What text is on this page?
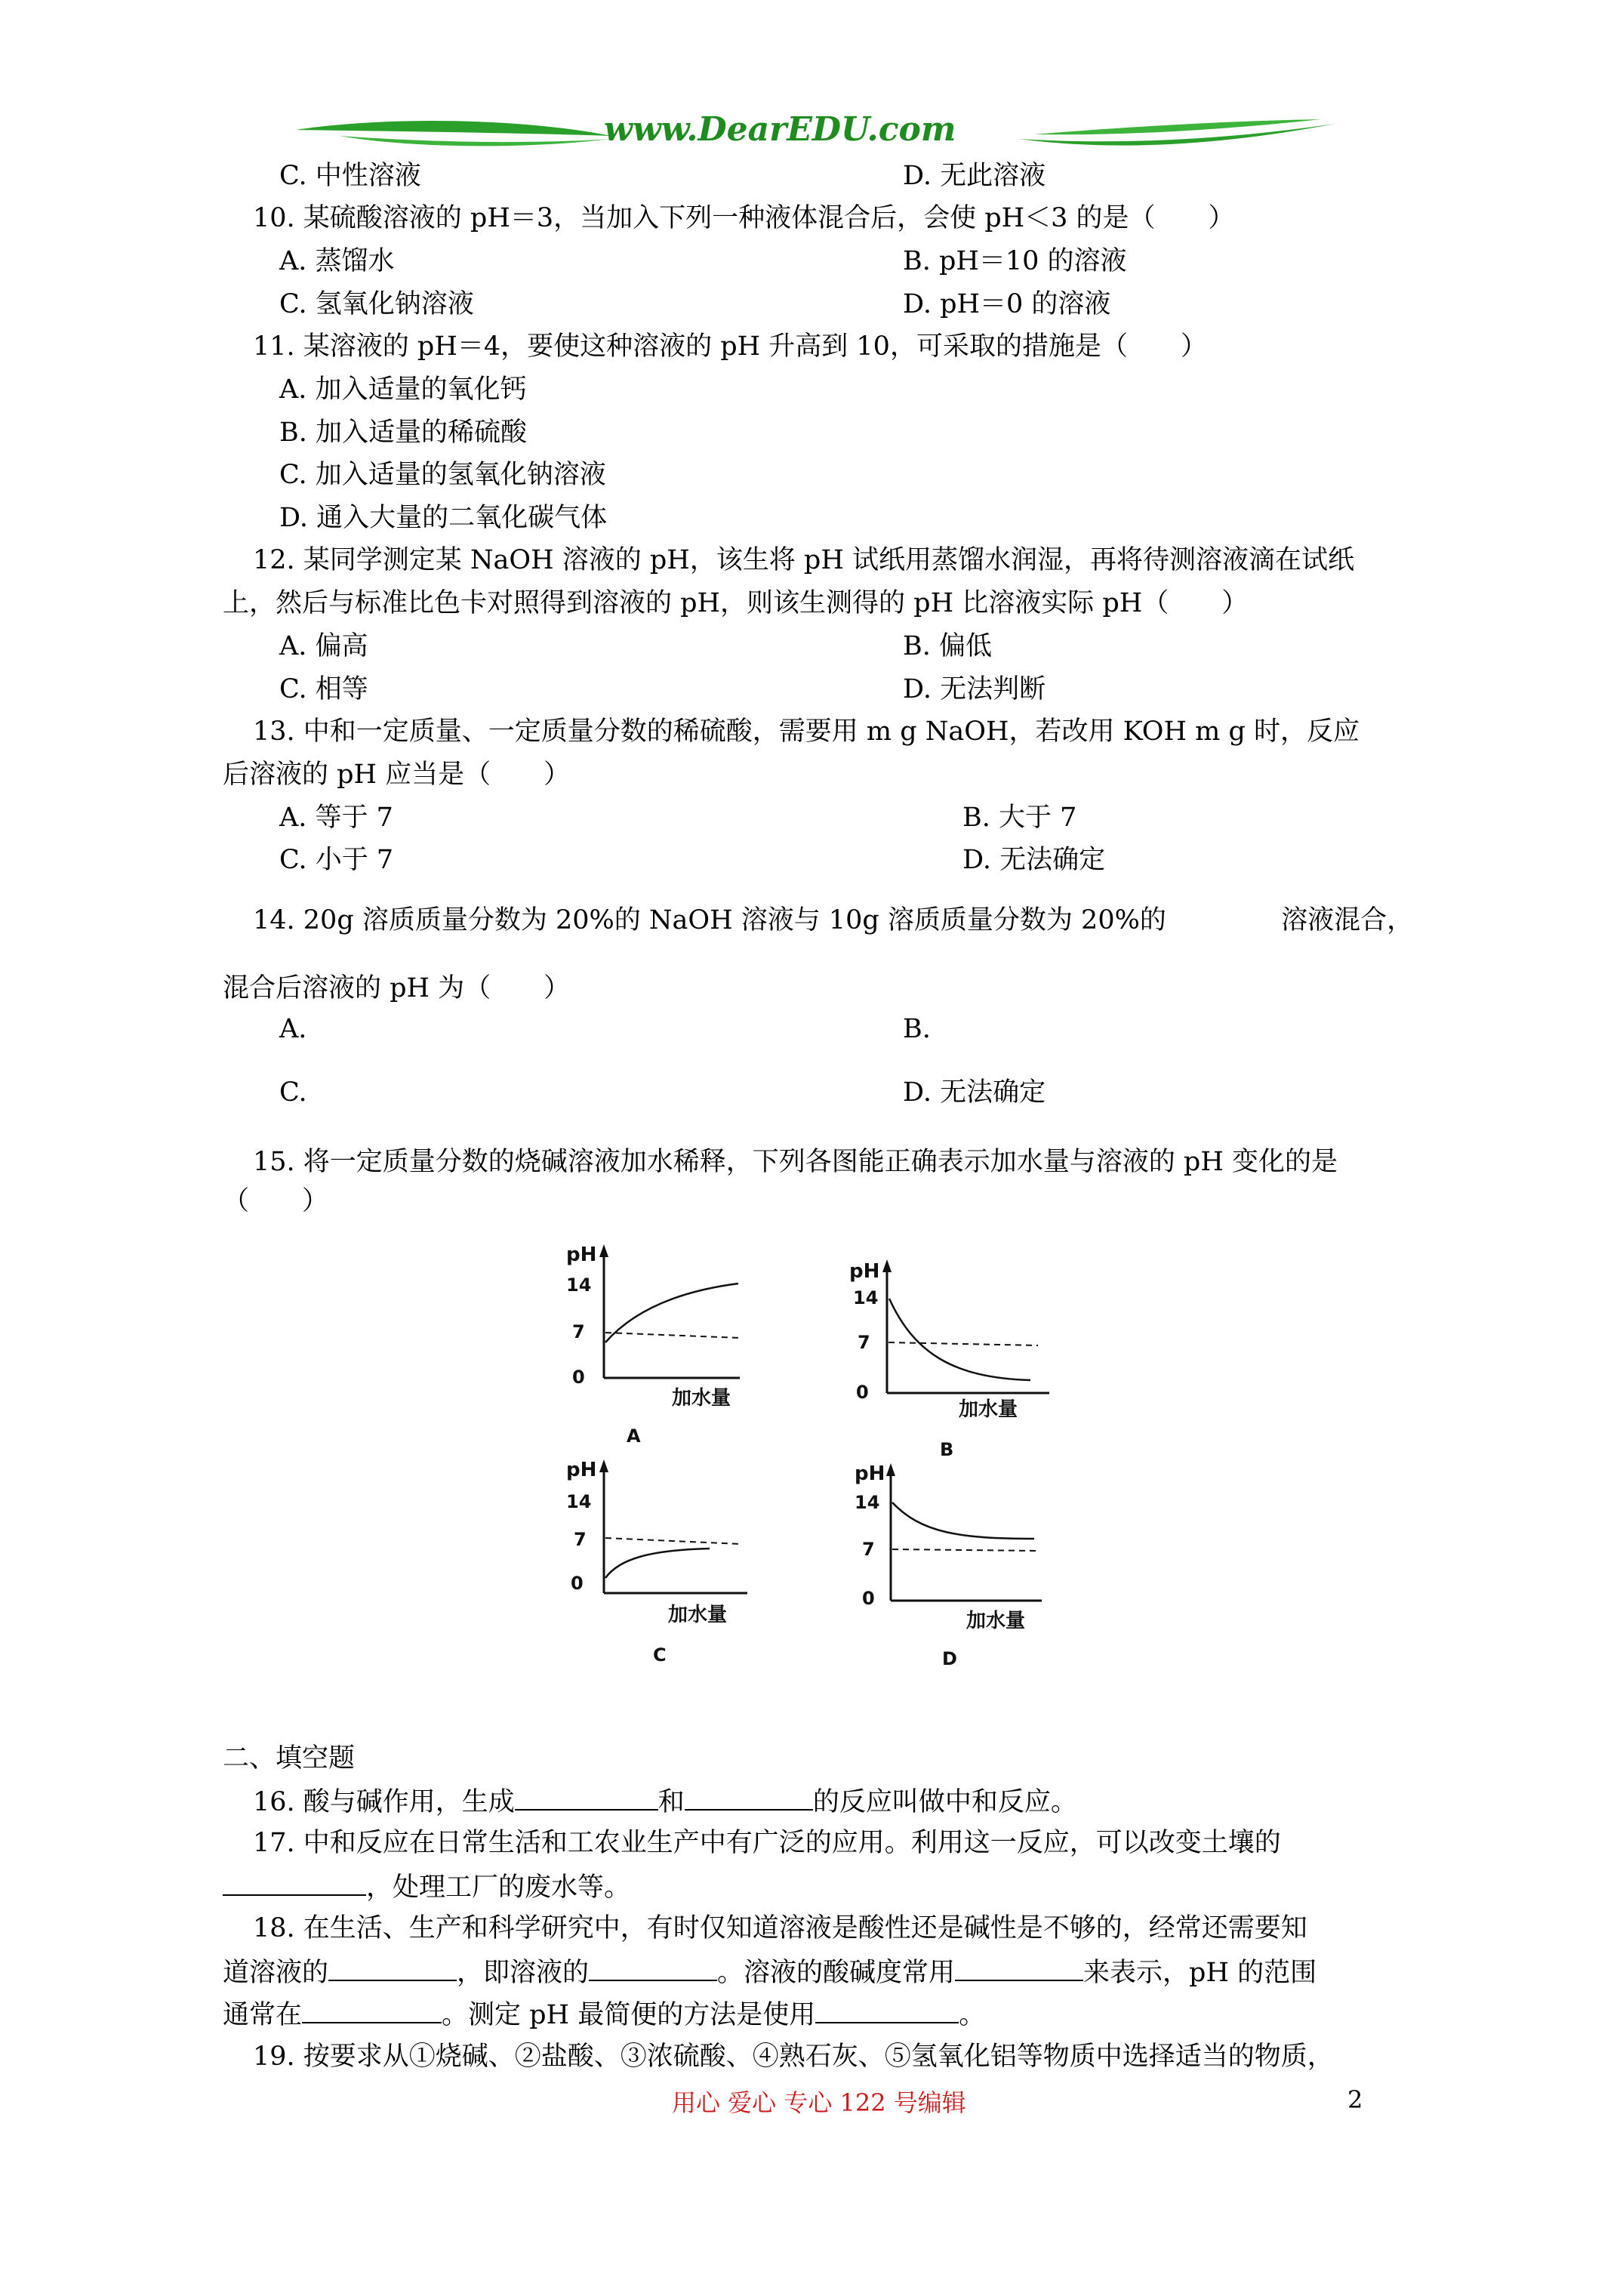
www.DearEDU.com
C. 中性溶液	D. 无此溶液
10. 某硫酸溶液的 pH＝3，当加入下列一种液体混合后，会使 pH＜3 的是（　　）
A. 蒸馏水	B. pH＝10 的溶液
C. 氢氧化钠溶液	D. pH＝0 的溶液
11. 某溶液的 pH＝4，要使这种溶液的 pH 升高到 10，可采取的措施是（　　）
A. 加入适量的氧化钙
B. 加入适量的稀硫酸
C. 加入适量的氢氧化钠溶液
D. 通入大量的二氧化碳气体
12. 某同学测定某 NaOH 溶液的 pH，该生将 pH 试纸用蒸馏水润湿，再将待测溶液滴在试纸
上，然后与标准比色卡对照得到溶液的 pH，则该生测得的 pH 比溶液实际 pH（　　）
A. 偏高	B. 偏低
C. 相等	D. 无法判断
13. 中和一定质量、一定质量分数的稀硫酸，需要用 m g NaOH，若改用 KOH m g 时，反应
后溶液的 pH 应当是（　　）
A. 等于 7	B. 大于 7
C. 小于 7	D. 无法确定
14. 20g 溶质质量分数为 20%的 NaOH 溶液与 10g 溶质质量分数为 20%的	溶液混合，
混合后溶液的 pH 为（　　）
A.	B.
C.	D. 无法确定
15. 将一定质量分数的烧碱溶液加水稀释，下列各图能正确表示加水量与溶液的 pH 变化的是
（　　）
pH
14
7
0
加水量
A
pH
14
7
0
加水量
B
pH
14
7
0
加水量
C
pH
14
7
0
加水量
D
二、填空题
16. 酸与碱作用，生成	和	的反应叫做中和反应。
17. 中和反应在日常生活和工农业生产中有广泛的应用。利用这一反应，可以改变土壤的
，处理工厂的废水等。
18. 在生活、生产和科学研究中，有时仅知道溶液是酸性还是碱性是不够的，经常还需要知
道溶液的	，即溶液的	。溶液的酸碱度常用	来表示，pH 的范围
通常在	。测定 pH 最简便的方法是使用	。
19. 按要求从①烧碱、②盐酸、③浓硫酸、④熟石灰、⑤氢氧化铝等物质中选择适当的物质，
用心 爱心 专心 122 号编辑	2
